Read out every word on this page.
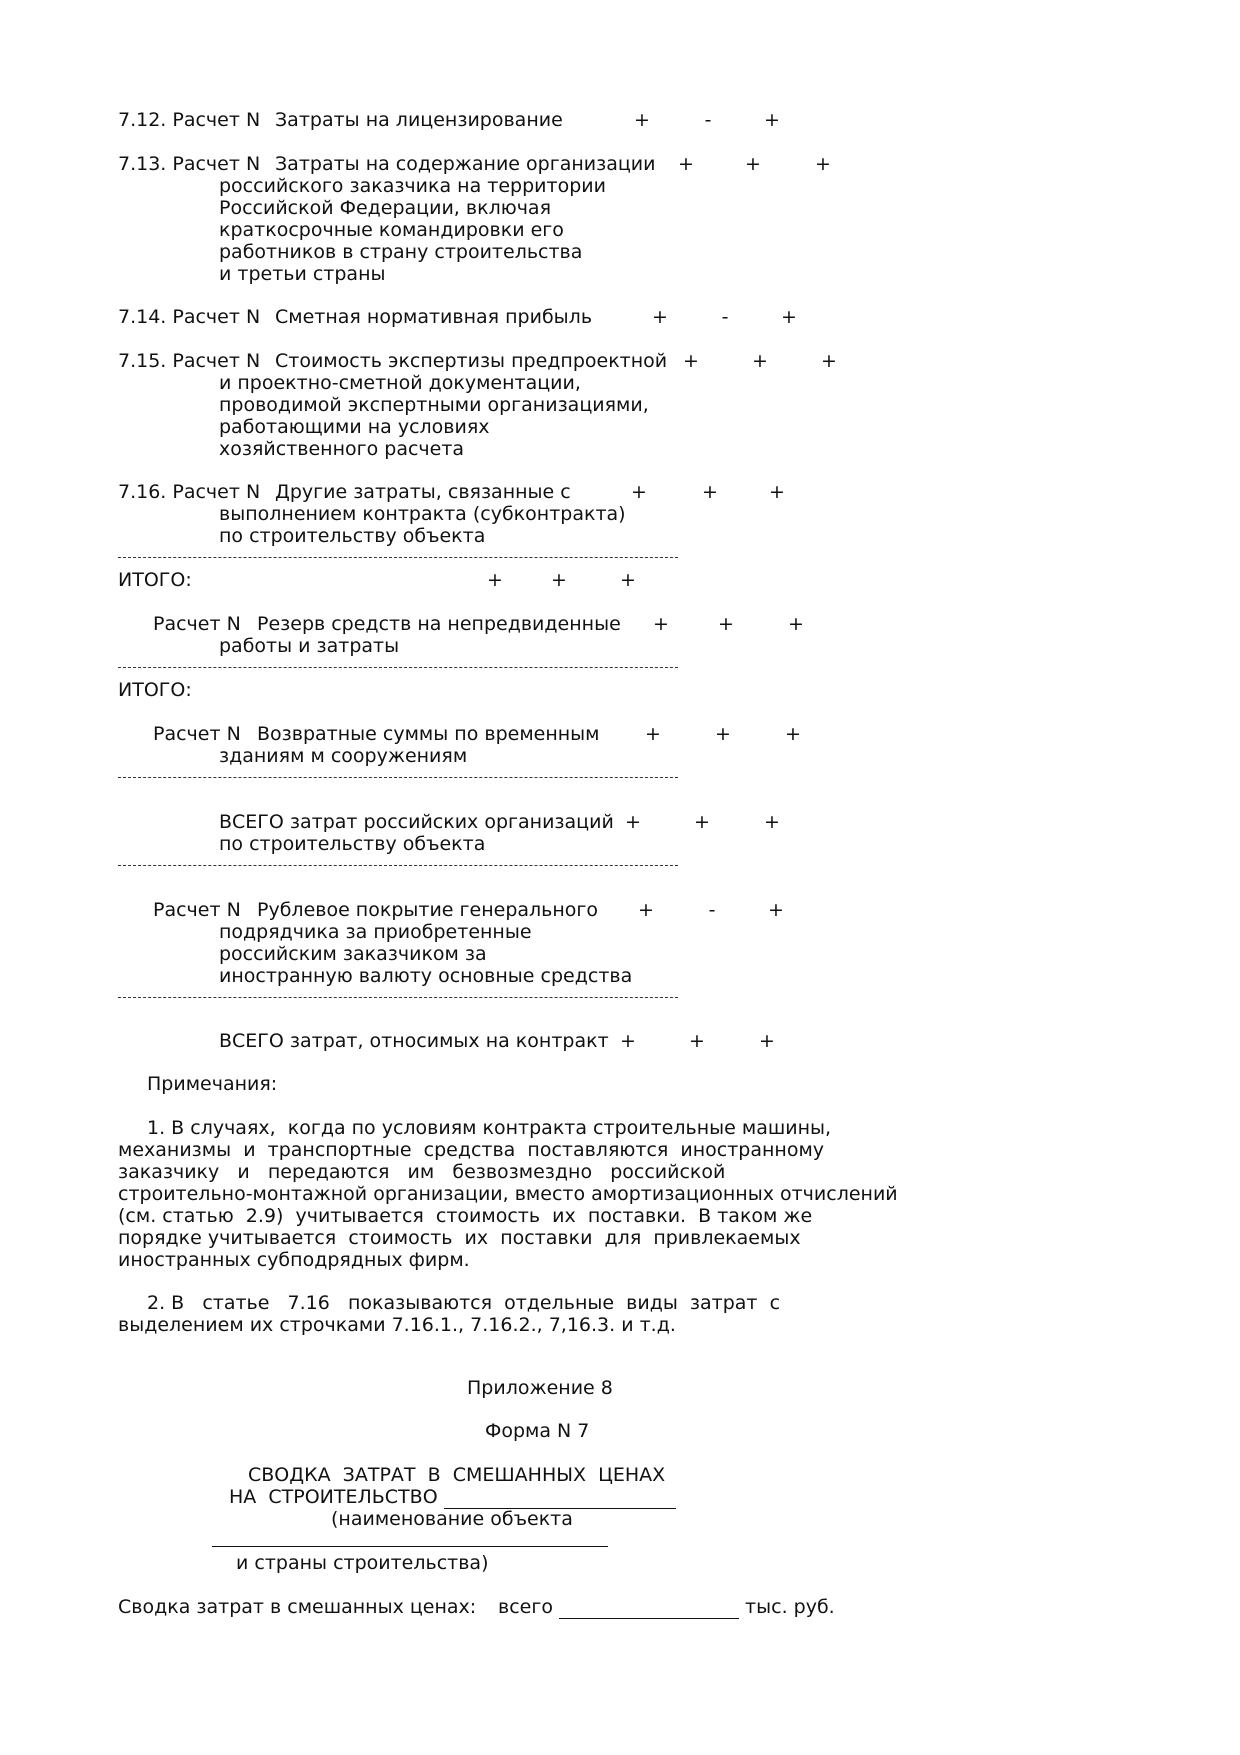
7.12. Расчет N Затраты на лицензирование	+	-	+
7.13. Расчет N Затраты на содержание организации
российского заказчика на территории
Российской Федерации, включая
краткосрочные командировки его
работников в страну строительства
и третьи страны
+	+	+
7.14. Расчет N Сметная нормативная прибыль	+	-	+
7.15. Расчет N Стоимость экспертизы предпроектной
и проектно-сметной документации,
проводимой экспертными организациями,
работающими на условиях
хозяйственного расчета
+	+	+
7.16. Расчет N Другие затраты, связанные с
выполнением контракта (субконтракта)
по строительству объекта
+	+	+
ИТОГО:	+	+	+
Расчет N Резерв средств на непредвиденные
работы и затраты
+	+	+
ИТОГО:
Расчет N Возвратные суммы по временным
зданиям м сооружениям
+	+	+
ВСЕГО затрат российских организаций
по строительству объекта
+	+	+
Расчет N Рублевое покрытие генерального
подрядчика за приобретенные
российским заказчиком за
иностранную валюту основные средства
+	-	+
ВСЕГО затрат, относимых на контракт +	+	+
Примечания:
1. В случаях,  когда по условиям контракта строительные машины,
механизмы  и  транспортные  средства  поставляются  иностранному
заказчику   и   передаются   им   безвозмездно   российской
строительно-монтажной организации, вместо амортизационных отчислений
(см. статью  2.9)  учитывается  стоимость  их  поставки.  В таком же
порядке учитывается  стоимость  их  поставки  для  привлекаемых
иностранных субподрядных фирм.
2. В   статье   7.16   показываются  отдельные  виды  затрат  с
выделением их строчками 7.16.1., 7.16.2., 7,16.3. и т.д.
Приложение 8
Форма N 7
СВОДКА  ЗАТРАТ  В  СМЕШАННЫХ  ЦЕНАХ
НА  СТРОИТЕЛЬСТВО
(наименование объекта
и страны строительства)
Сводка затрат в смешанных ценах: всего	тыс. руб.
